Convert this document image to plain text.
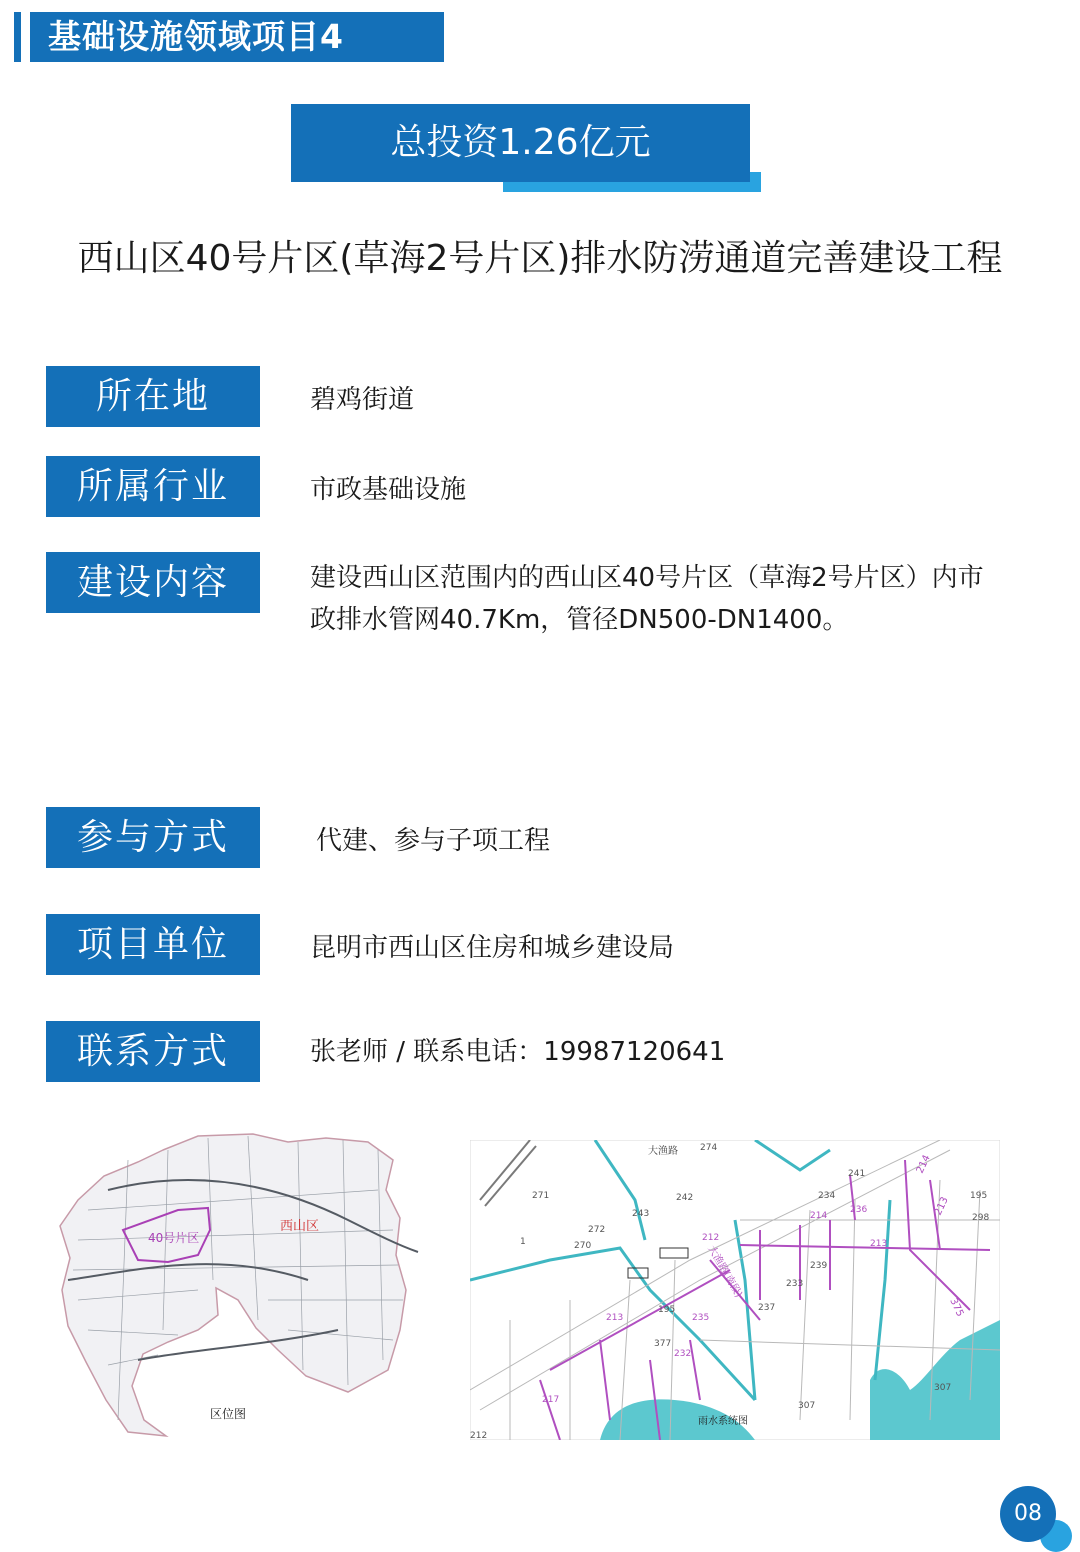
基础设施领域项目4
总投资1.26亿元
西山区40号片区(草海2号片区)排水防涝通道完善建设工程
所在地	碧鸡街道
所属行业	市政基础设施
建设内容	建设西山区范围内的西山区40号片区（草海2号片区）内市
政排水管网40.7Km，管径DN500-DN1400。
参与方式	代建、参与子项工程
项目单位	昆明市西山区住房和城乡建设局
联系方式	张老师 / 联系电话：19987120641
40号片区
西山区
区位图
大渔路 274
241
271	242	234	195
243	214
236
298
272
212
213
270
1
233
239
237
195
235
213
377
232
307
307
217
212
214
213
375
大渔路(南段)
雨水系统图
08
